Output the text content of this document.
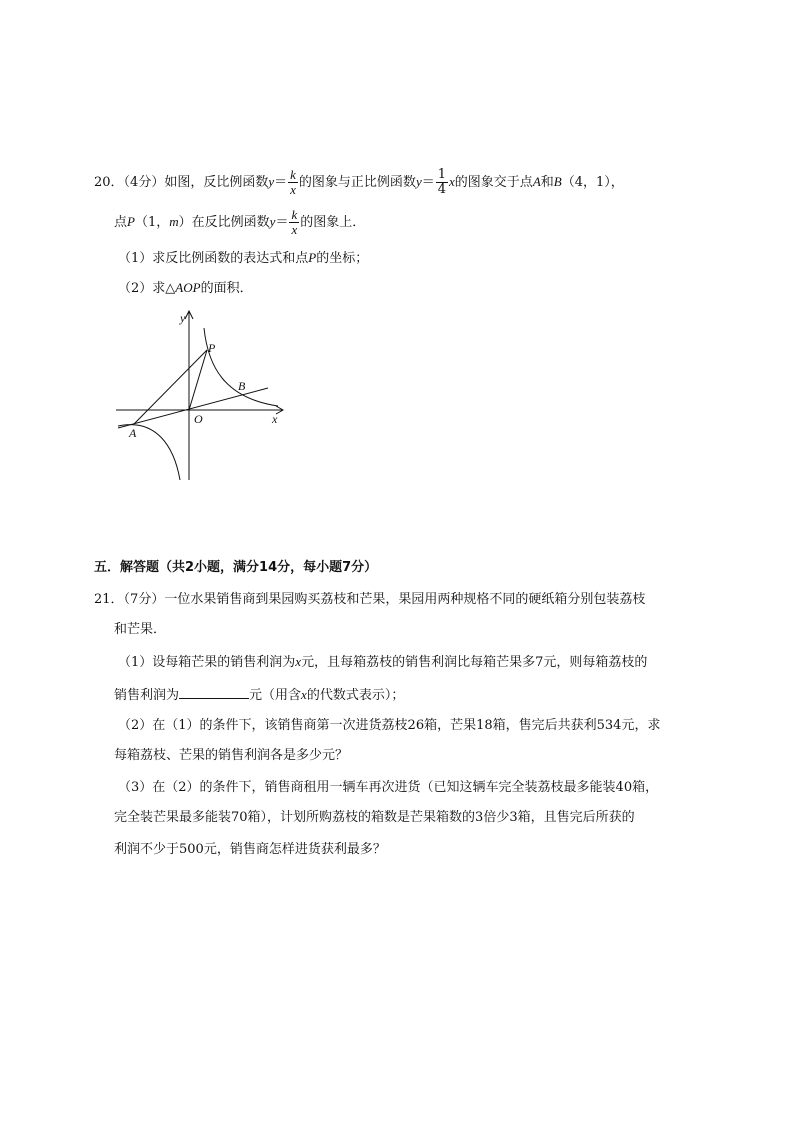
20．（4分）如图，反比例函数$y= \frac{k}{x}$ 的图象与正比例函数$y= \frac{1}{4}$ x的图象交于点A和B（4，1），
点P（1，m）在反比例函数$y= \frac{k}{x}$ 的图象上．
（1）求反比例函数的表达式和点P的坐标；
（2）求△AOP的面积．
y
x
O
A
B
P
五．解答题（共2小题，满分14分，每小题7分）
21．（7分）一位水果销售商到果园购买荔枝和芒果，果园用两种规格不同的硬纸箱分别包装荔枝
和芒果．
（1）设每箱芒果的销售利润为x元，且每箱荔枝的销售利润比每箱芒果多7元，则每箱荔枝的
销售利润为	元（用含x的代数式表示）；
（2）在（1）的条件下，该销售商第一次进货荔枝26箱，芒果18箱，售完后共获利534元，求
每箱荔枝、芒果的销售利润各是多少元？
（3）在（2）的条件下，销售商租用一辆车再次进货（已知这辆车完全装荔枝最多能装40箱，
完全装芒果最多能装70箱），计划所购荔枝的箱数是芒果箱数的3倍少3箱，且售完后所获的
利润不少于500元，销售商怎样进货获利最多？
